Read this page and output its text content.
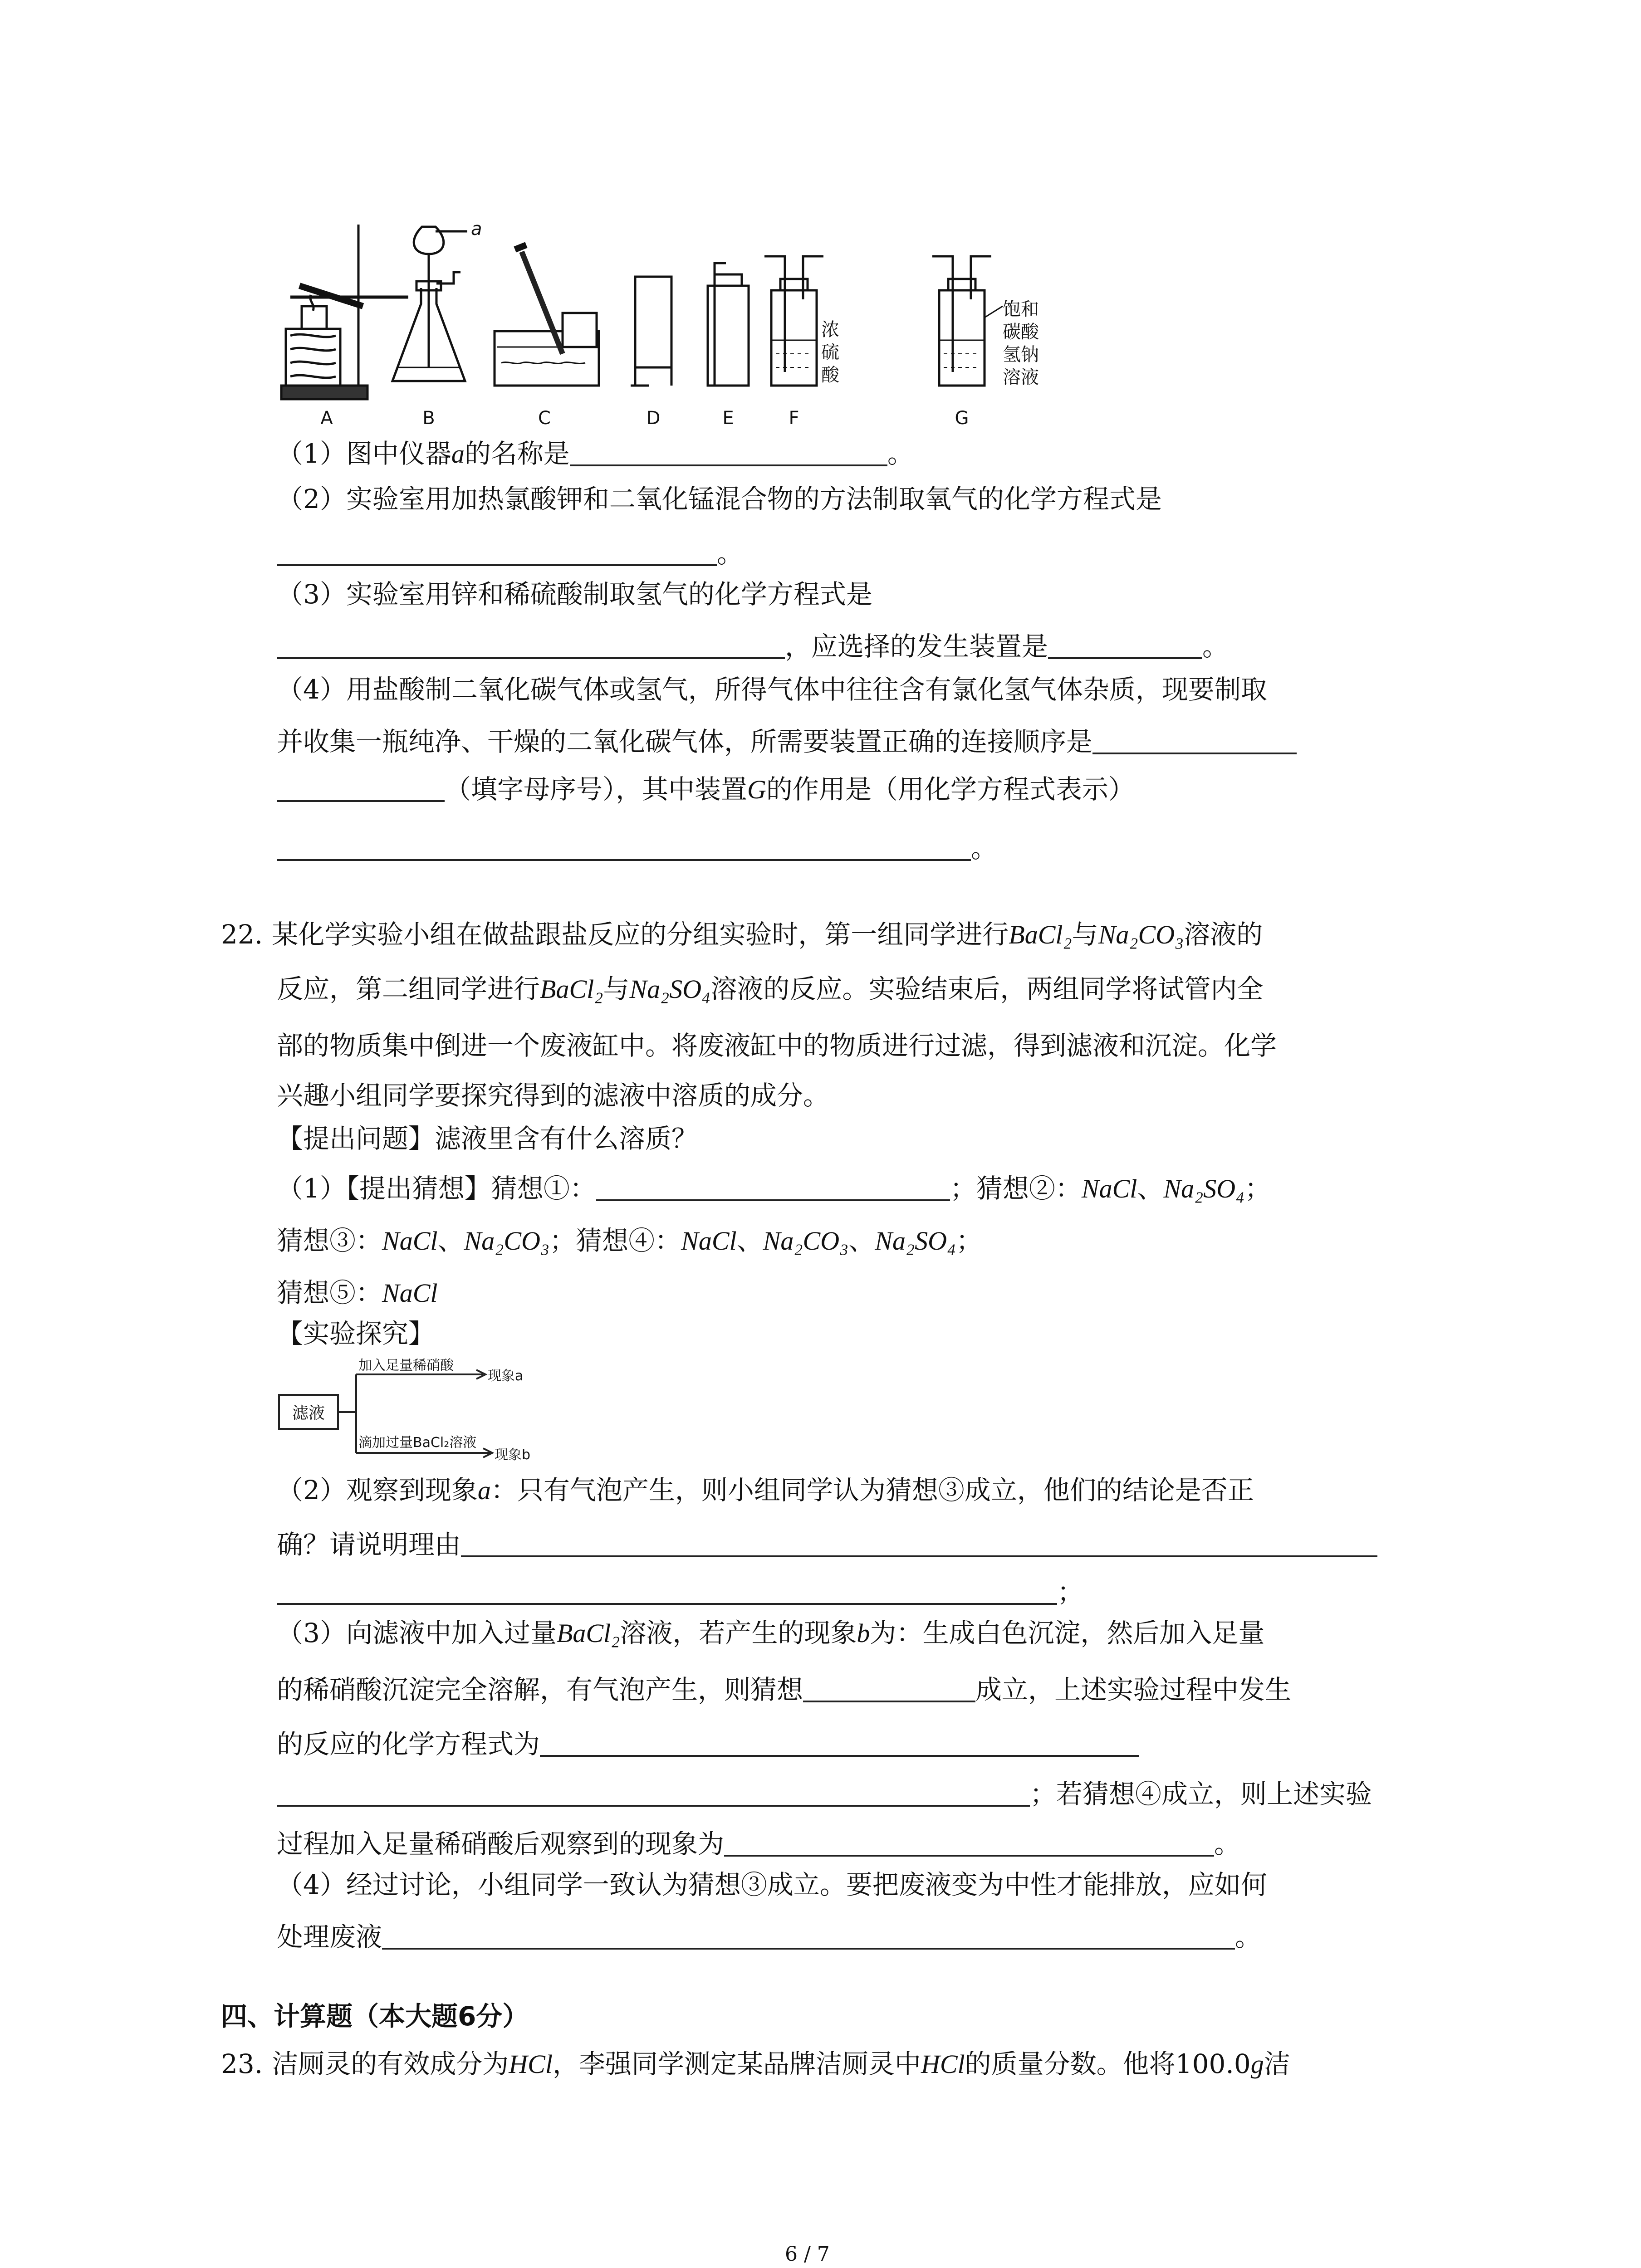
a
A	B	C	D	E	F	G
浓
硫
酸
饱和
碳酸
氢钠
溶液
（1）图中仪器a的名称是	。
（2）实验室用加热氯酸钾和二氧化锰混合物的方法制取氧气的化学方程式是
。
（3）实验室用锌和稀硫酸制取氢气的化学方程式是
，应选择的发生装置是	。
（4）用盐酸制二氧化碳气体或氢气，所得气体中往往含有氯化氢气体杂质，现要制取
并收集一瓶纯净、干燥的二氧化碳气体，所需要装置正确的连接顺序是
（填字母序号），其中装置G的作用是（用化学方程式表示）
。
22. 某化学实验小组在做盐跟盐反应的分组实验时，第一组同学进行BaCl₂与Na₂CO₃溶液的
反应，第二组同学进行BaCl₂与Na₂SO₄溶液的反应。实验结束后，两组同学将试管内全
部的物质集中倒进一个废液缸中。将废液缸中的物质进行过滤，得到滤液和沉淀。化学
兴趣小组同学要探究得到的滤液中溶质的成分。
【提出问题】滤液里含有什么溶质？
（1）【提出猜想】猜想①：	；猜想②：NaCl、Na₂SO₄；
猜想③：NaCl、Na₂CO₃；猜想④：NaCl、Na₂CO₃、Na₂SO₄；
猜想⑤：NaCl
【实验探究】
滤液
加入足量稀硝酸
现象a
滴加过量BaCl₂溶液
现象b
（2）观察到现象a：只有气泡产生，则小组同学认为猜想③成立，他们的结论是否正
确？请说明理由
；
（3）向滤液中加入过量BaCl₂溶液，若产生的现象b为：生成白色沉淀，然后加入足量
的稀硝酸沉淀完全溶解，有气泡产生，则猜想	成立，上述实验过程中发生
的反应的化学方程式为
；若猜想④成立，则上述实验
过程加入足量稀硝酸后观察到的现象为	。
（4）经过讨论，小组同学一致认为猜想③成立。要把废液变为中性才能排放，应如何
处理废液	。
四、计算题（本大题6分）
23. 洁厕灵的有效成分为HCl，李强同学测定某品牌洁厕灵中HCl的质量分数。他将100.0g洁
6 / 7
